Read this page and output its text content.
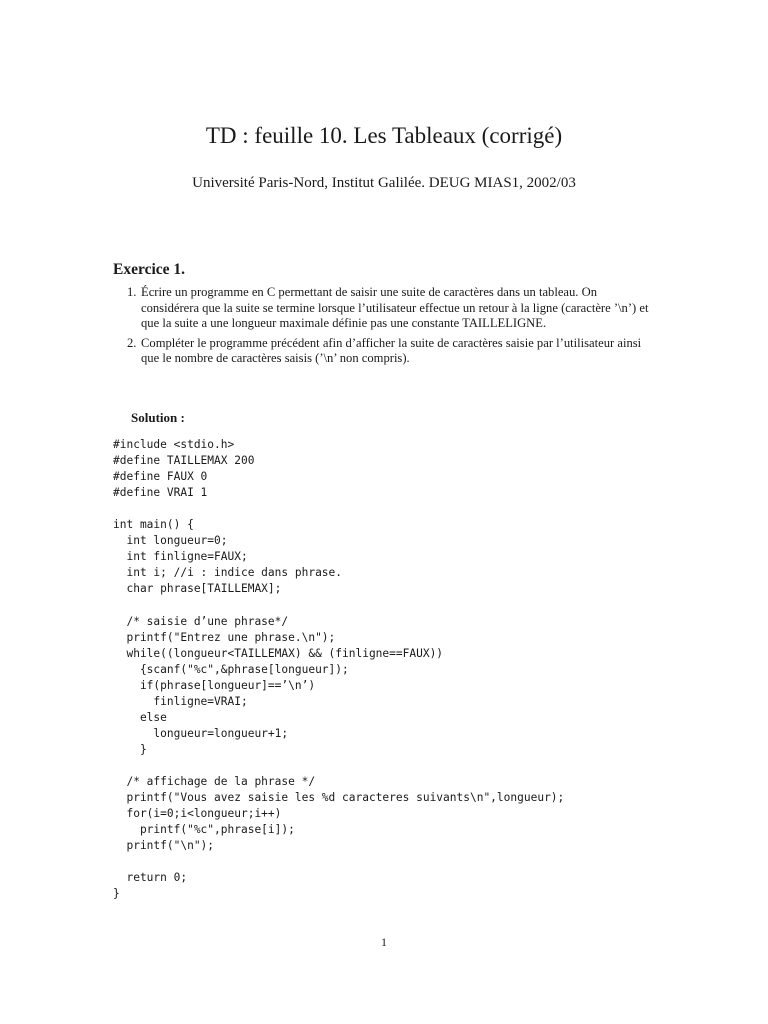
TD : feuille 10. Les Tableaux (corrigé)
Université Paris-Nord, Institut Galilée. DEUG MIAS1, 2002/03
Exercice 1.
1. Écrire un programme en C permettant de saisir une suite de caractères dans un tableau. On considérera que la suite se termine lorsque l’utilisateur effectue un retour à la ligne (caractère ’\n’) et que la suite a une longueur maximale définie pas une constante TAILLELIGNE.
2. Compléter le programme précédent afin d’afficher la suite de caractères saisie par l’utilisateur ainsi que le nombre de caractères saisis (’\n’ non compris).
Solution :
#include <stdio.h>
#define TAILLEMAX 200
#define FAUX 0
#define VRAI 1
int main() {
int longueur=0;
int finligne=FAUX;
int i; //i : indice dans phrase.
char phrase[TAILLEMAX];
/* saisie d’une phrase*/
printf("Entrez une phrase.\n");
while((longueur<TAILLEMAX) && (finligne==FAUX))
{scanf("%c",&phrase[longueur]);
if(phrase[longueur]==’\n’)
finligne=VRAI;
else
longueur=longueur+1;
}
/* affichage de la phrase */
printf("Vous avez saisie les %d caracteres suivants\n",longueur);
for(i=0;i<longueur;i++)
printf("%c",phrase[i]);
printf("\n");
return 0;
}
1
